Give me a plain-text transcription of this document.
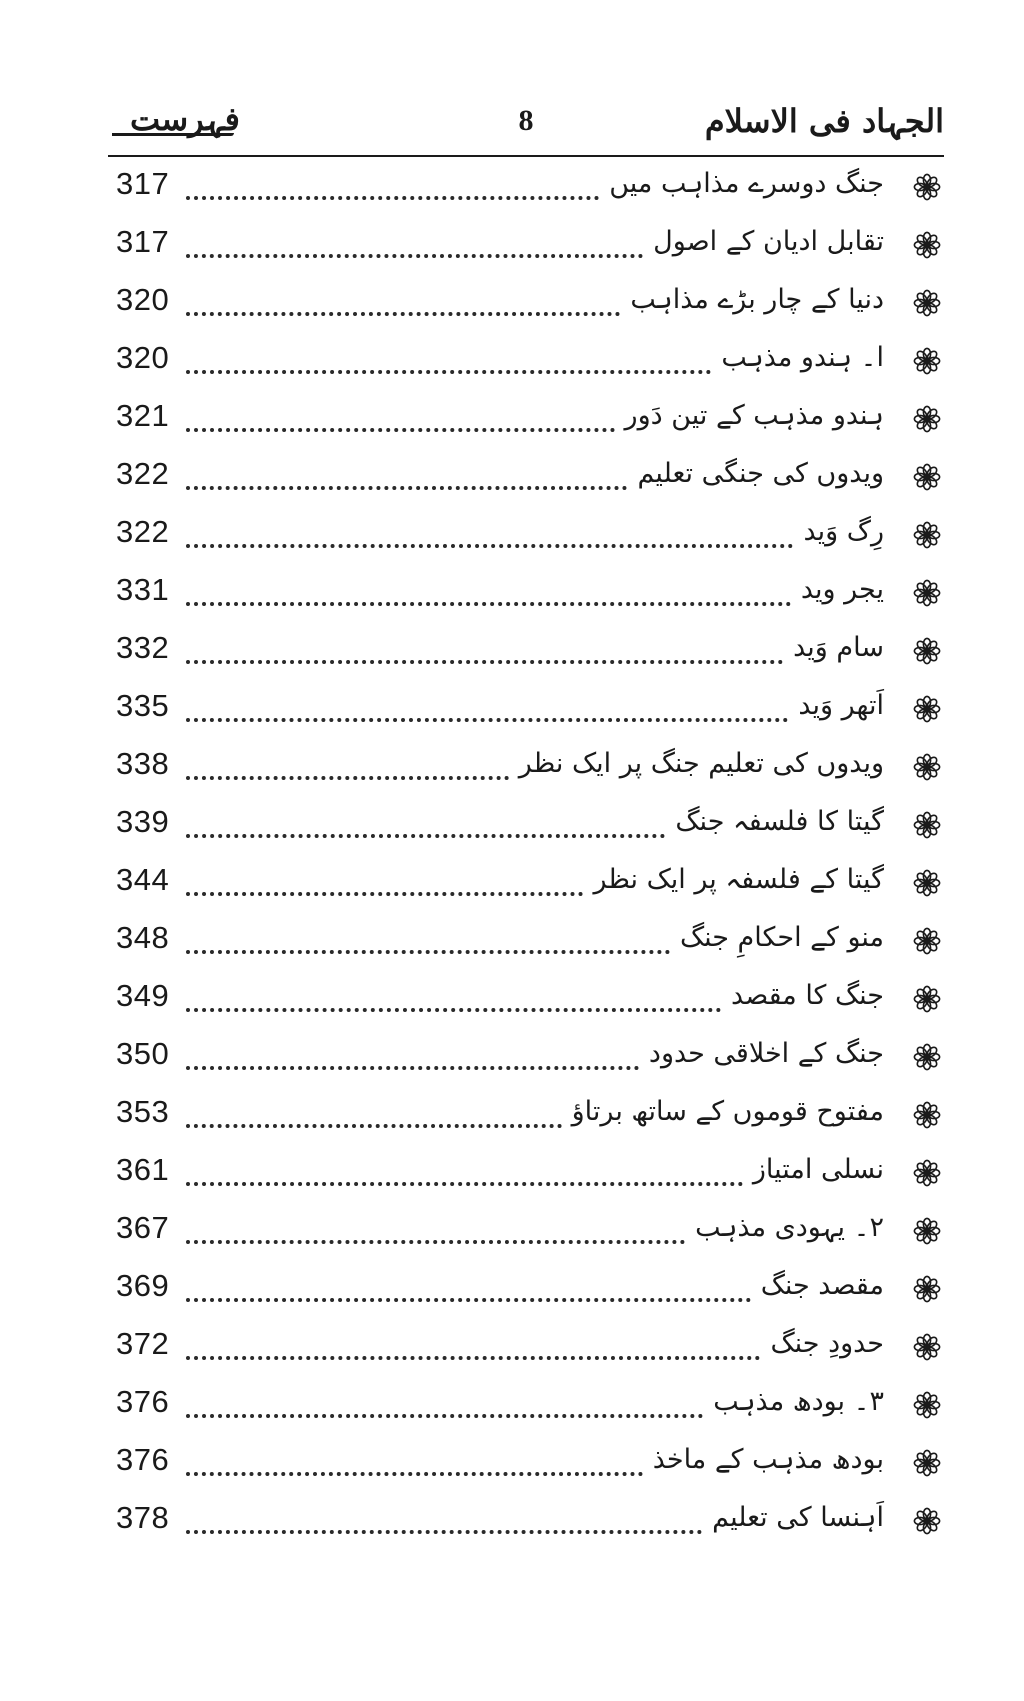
الجہاد فی الاسلام
8
فہرست
317	جنگ دوسرے مذاہب میں
317	تقابل ادیان کے اصول
320	دنیا کے چار بڑے مذاہب
320	ا۔ ہندو مذہب
321	ہندو مذہب کے تین دَور
322	ویدوں کی جنگی تعلیم
322	رِگ وَید
331	یجر وید
332	سام وَید
335	اَتھر وَید
338	ویدوں کی تعلیم جنگ پر ایک نظر
339	گیتا کا فلسفہ جنگ
344	گیتا کے فلسفہ پر ایک نظر
348	منو کے احکامِ جنگ
349	جنگ کا مقصد
350	جنگ کے اخلاقی حدود
353	مفتوح قوموں کے ساتھ برتاؤ
361	نسلی امتیاز
367	۲۔ یہودی مذہب
369	مقصد جنگ
372	حدودِ جنگ
376	۳۔ بودھ مذہب
376	بودھ مذہب کے ماخذ
378	اَہنسا کی تعلیم
